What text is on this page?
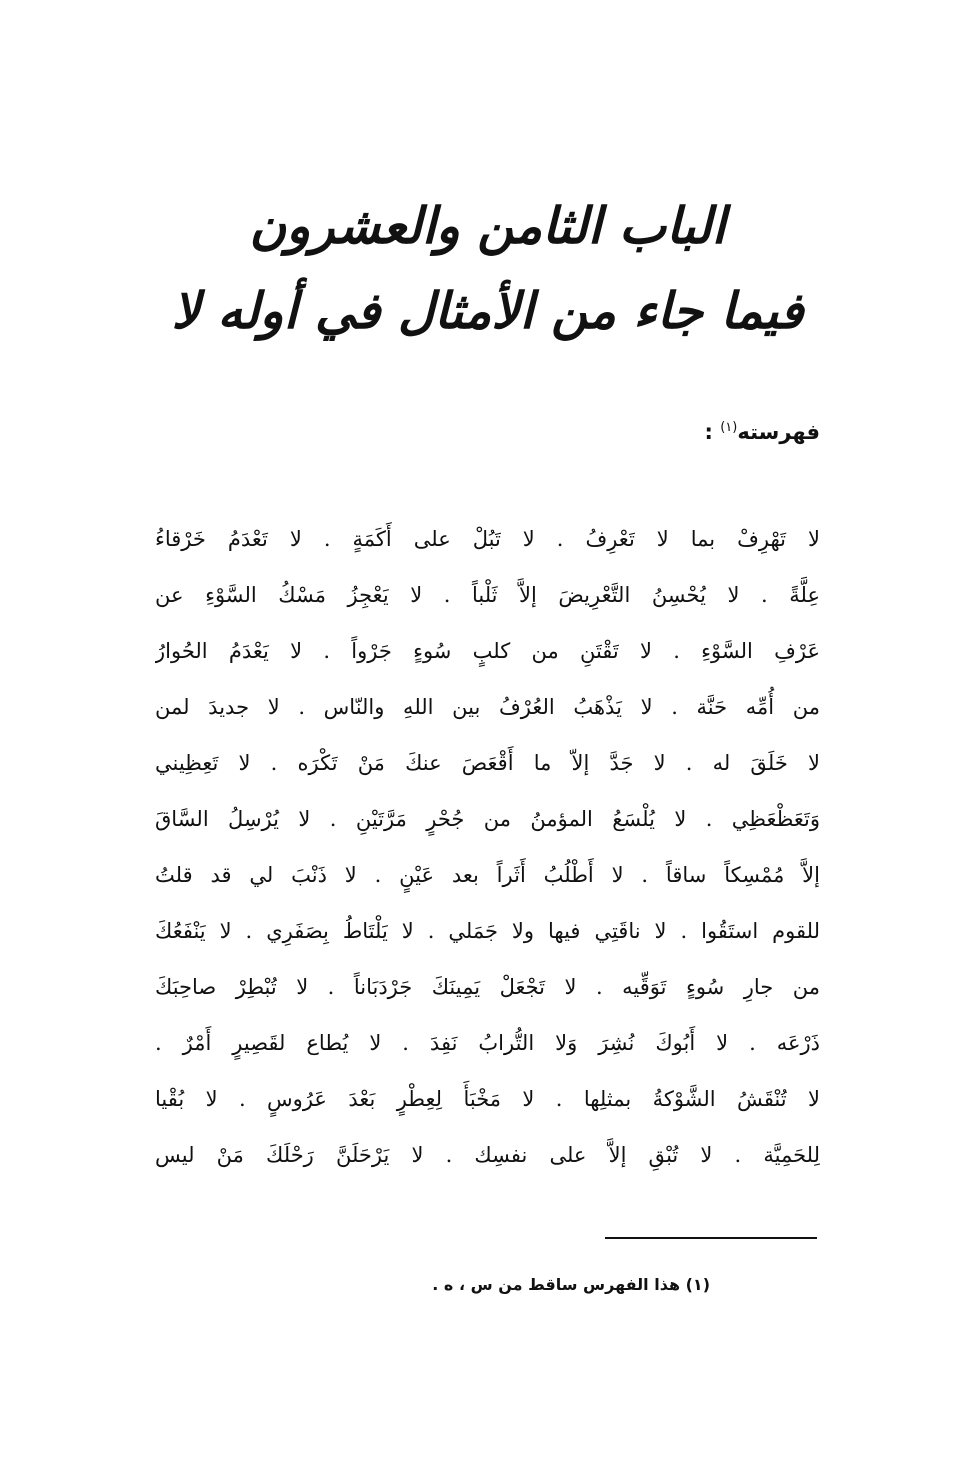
الباب الثامن والعشرون
فيما جاء من الأمثال في أوله لا
فهرسته$^{(١)}$ :
لا تَهْرِفْ بما لا تَعْرِفُ . لا تَبُلْ على أَكَمَةٍ . لا تَعْدَمُ خَرْقاءُ
عِلَّةً . لا يُحْسِنُ التَّعْرِيضَ إلاَّ ثَلْباً . لا يَعْجِزُ مَسْكُ السَّوْءِ عن
عَرْفِ السَّوْءِ . لا تَقْتَنِ من كلبٍ سُوءٍ جَرْواً . لا يَعْدَمُ الحُوارُ
من أُمِّه حَنَّة . لا يَذْهَبُ العُرْفُ بين اللهِ والنّاس . لا جديدَ لمن
لا خَلَقَ له . لا جَدَّ إلاّ ما أَقْعَصَ عنكَ مَنْ تَكْرَه . لا تَعِظِيني
وَتَعَظْعَظِي . لا يُلْسَعُ المؤمنُ من جُحْرٍ مَرَّتَيْنِ . لا يُرْسِلُ السَّاقَ
إلاَّ مُمْسِكاً ساقاً . لا أَطْلُبُ أَثَراً بعد عَيْنٍ . لا ذَنْبَ لي قد قلتُ
للقوم استَقُوا . لا ناقَتِي فيها ولا جَمَلي . لا يَلْتَاطُ بِصَفَرِي . لا يَنْفَعُكَ
من جارِ سُوءٍ تَوَقِّيه . لا تَجْعَلْ يَمِينَكَ جَرْدَبَاناً . لا تُبْطِرْ صاحِبَكَ
ذَرْعَه . لا أَبُوكَ نُشِرَ وَلا التُّرابُ نَفِدَ . لا يُطاع لقَصِيرٍ أَمْرٌ .
لا تُنْقَشُ الشَّوْكةُ بمثلِها . لا مَخْبَأَ لِعِطْرٍ بَعْدَ عَرُوسٍ . لا بُقْيا
لِلحَمِيَّة . لا تُبْقِ إلاَّ على نفسِك . لا يَرْحَلَنَّ رَحْلَكَ مَنْ ليس
(١) هذا الفهرس ساقط من س ، ه .
